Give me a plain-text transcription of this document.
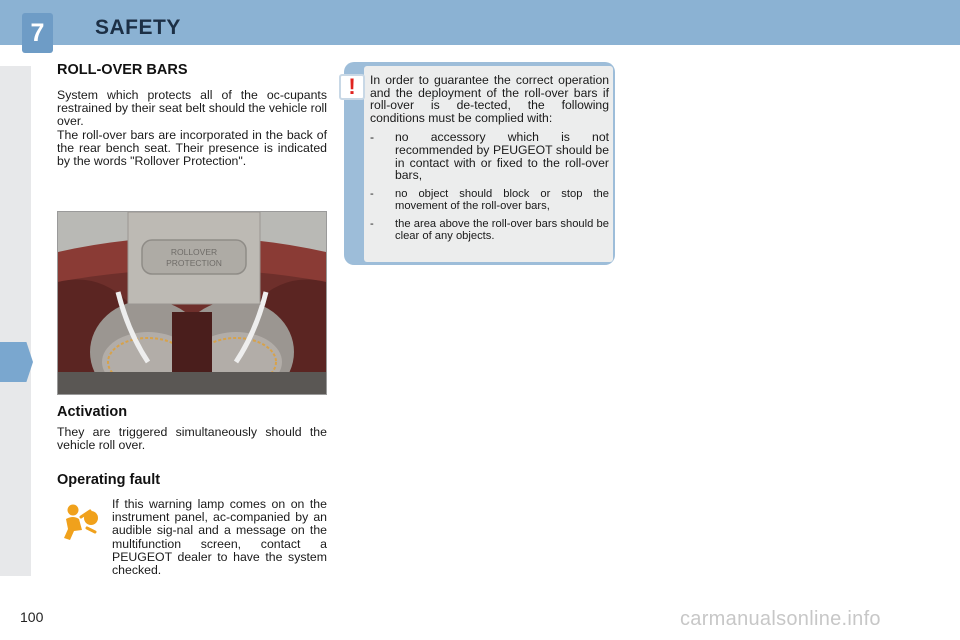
7	SAFETY
ROLL-OVER BARS

System which protects all of the oc-cupants restrained by their seat belt should the vehicle roll over.

The roll-over bars are incorporated in the back of the rear bench seat. Their presence is indicated by the words "Rollover Protection".

ROLLOVER
PROTECTION
Activation

They are triggered simultaneously should the vehicle roll over.

Operating fault

If this warning lamp comes on on the instrument panel, ac-companied by an audible sig-nal and a message on the multifunction screen, contact a PEUGEOT dealer to have the system checked.

!	In order to guarantee the correct operation and the deployment of the roll-over bars if roll-over is de-tected, the following conditions must be complied with:
- no accessory which is not recommended by PEUGEOT should be in contact with or fixed to the roll-over bars,
- no object should block or stop the movement of the roll-over bars,
- the area above the roll-over bars should be clear of any objects.
100	carmanualsonline.info
